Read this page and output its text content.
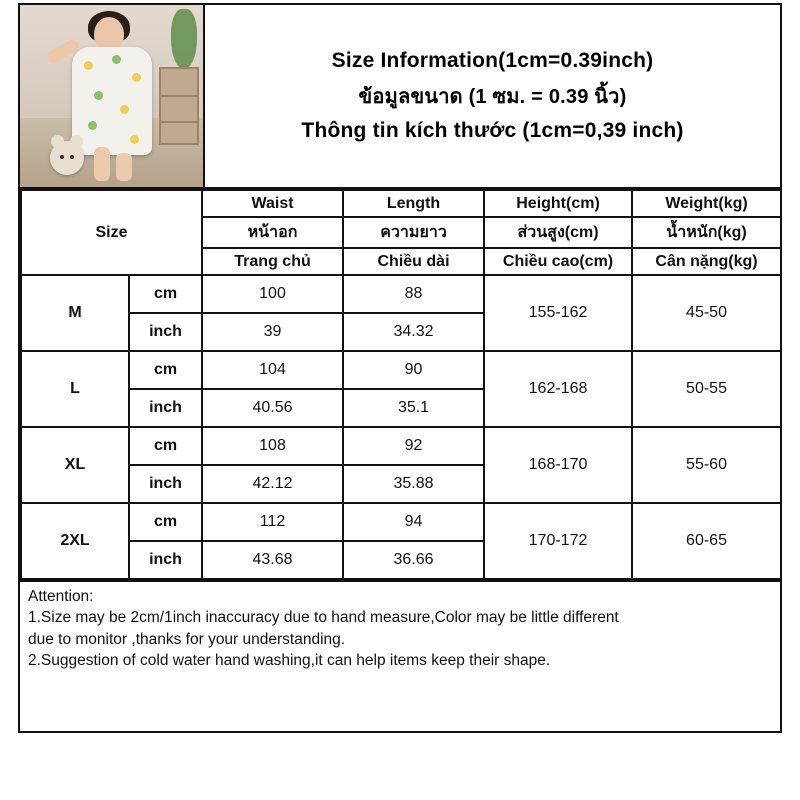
Size Information(1cm=0.39inch)
ข้อมูลขนาด (1 ซม. = 0.39 นิ้ว)
Thông tin kích thước (1cm=0,39 inch)
Size		Waist	Length	Height(cm)	Weight(kg)
		หน้าอก	ความยาว	ส่วนสูง(cm)	น้ำหนัก(kg)
		Trang chủ	Chiều dài	Chiều cao(cm)	Cân nặng(kg)
M	cm	100	88	155-162	45-50
	inch	39	34.32		
L	cm	104	90	162-168	50-55
	inch	40.56	35.1		
XL	cm	108	92	168-170	55-60
	inch	42.12	35.88		
2XL	cm	112	94	170-172	60-65
	inch	43.68	36.66		

Attention:

1.Size may be 2cm/1inch inaccuracy due to hand measure,Color may be little different

due to monitor ,thanks for your understanding.

2.Suggestion of cold water hand washing,it can help items keep their shape.
